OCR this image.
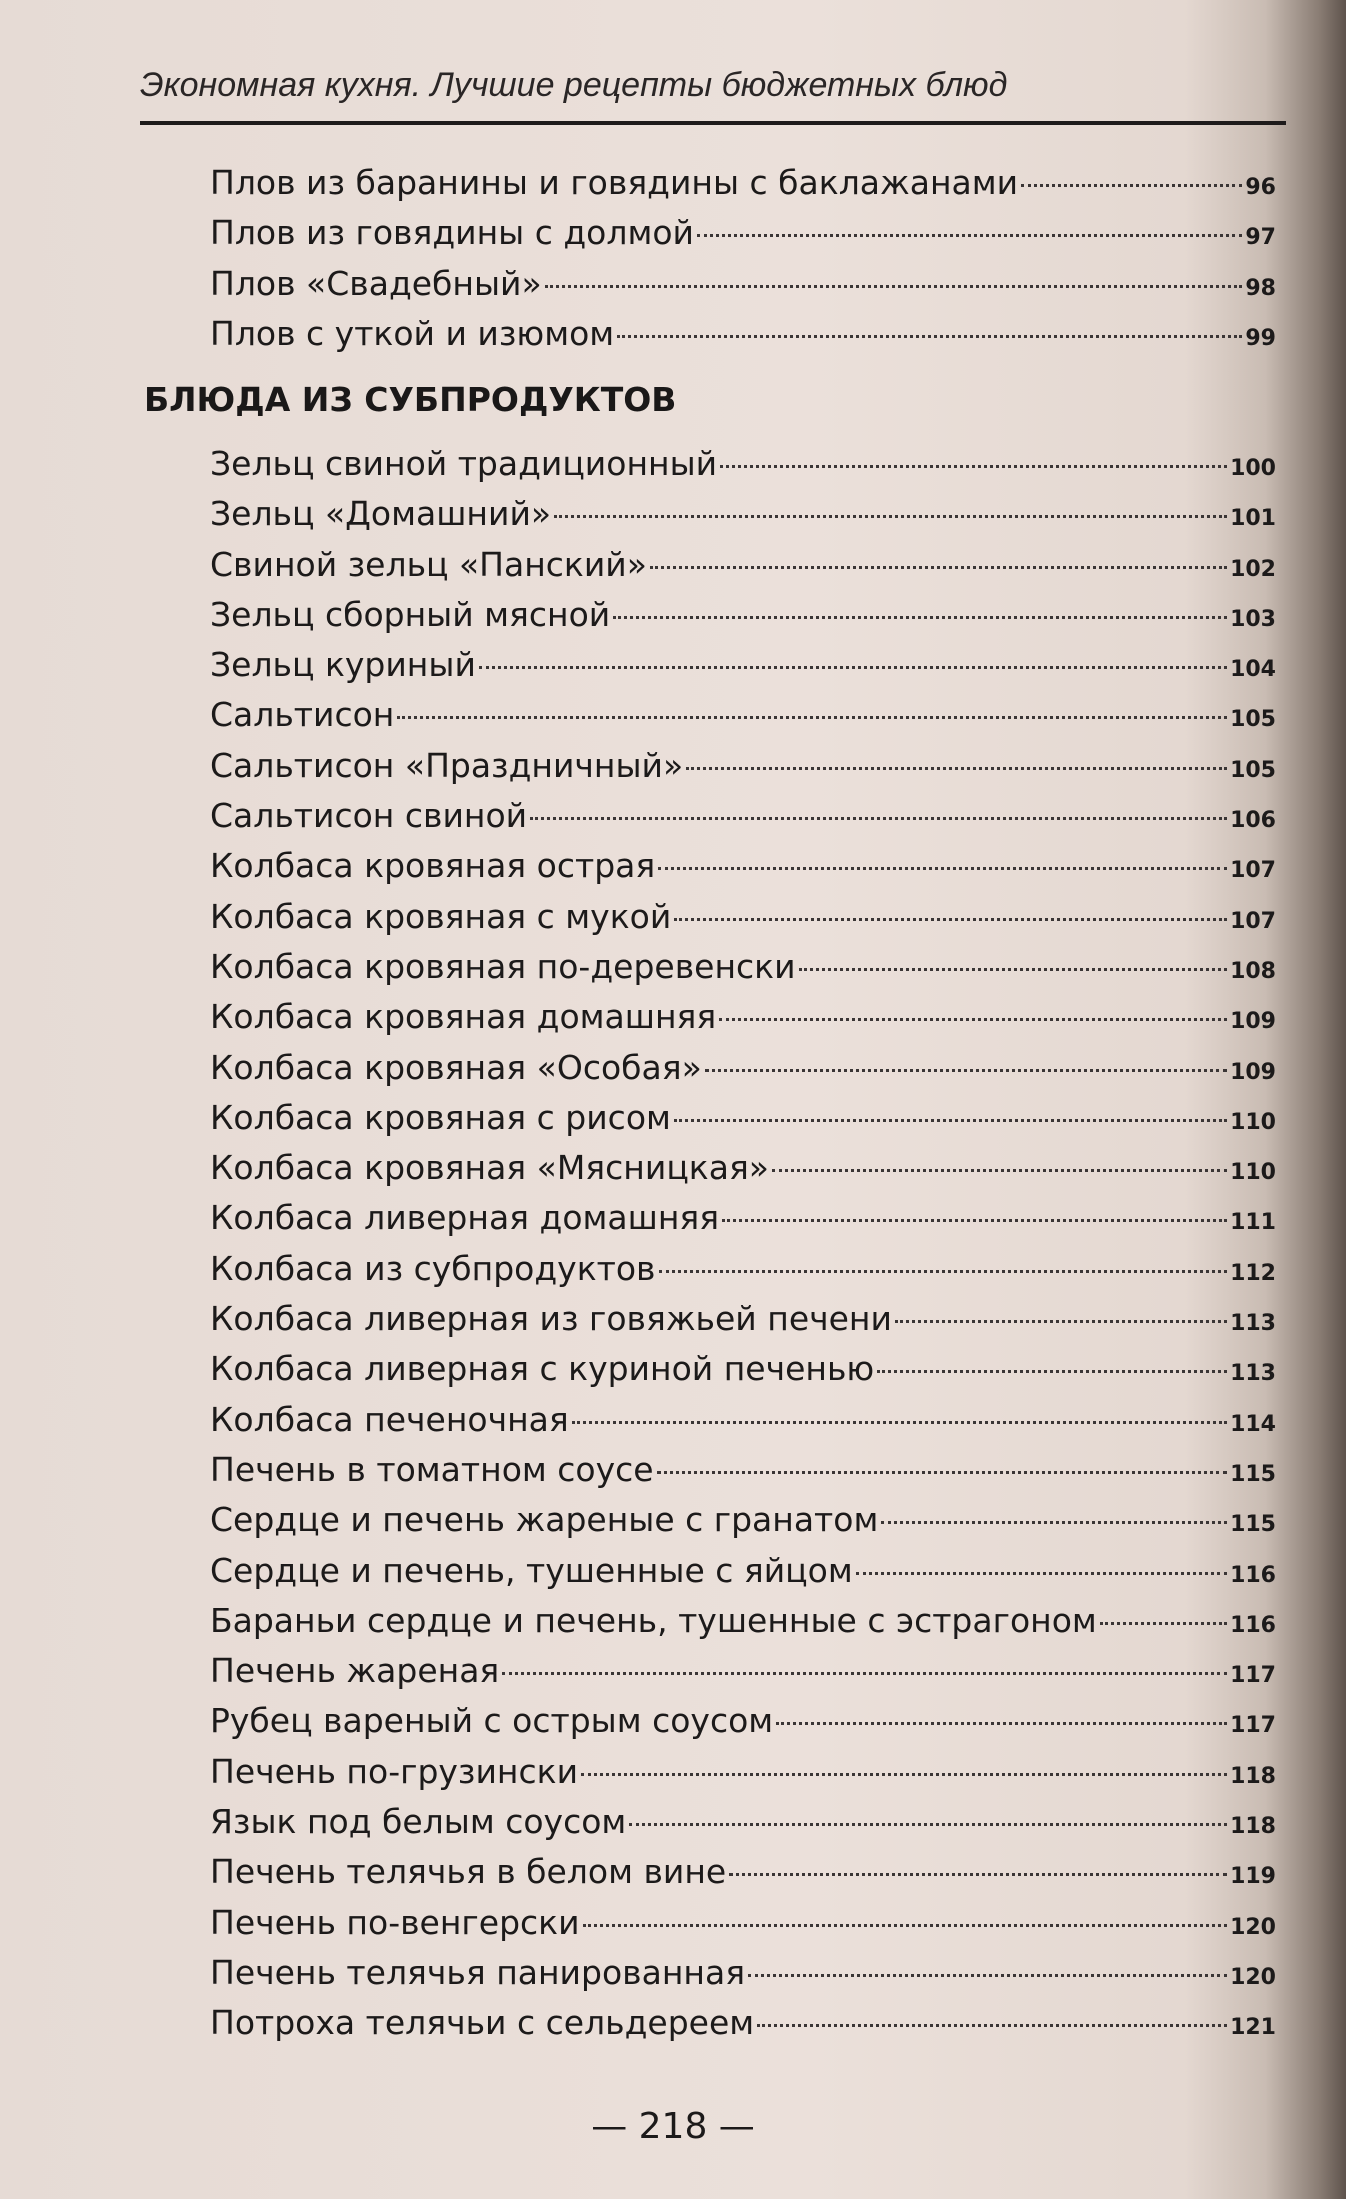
Экономная кухня. Лучшие рецепты бюджетных блюд
Плов из баранины и говядины с баклажанами	96
Плов из говядины с долмой	97
Плов «Свадебный»	98
Плов с уткой и изюмом	99
БЛЮДА ИЗ СУБПРОДУКТОВ
Зельц свиной традиционный	100
Зельц «Домашний»	101
Свиной зельц «Панский»	102
Зельц сборный мясной	103
Зельц куриный	104
Сальтисон	105
Сальтисон «Праздничный»	105
Сальтисон свиной	106
Колбаса кровяная острая	107
Колбаса кровяная с мукой	107
Колбаса кровяная по-деревенски	108
Колбаса кровяная домашняя	109
Колбаса кровяная «Особая»	109
Колбаса кровяная с рисом	110
Колбаса кровяная «Мясницкая»	110
Колбаса ливерная домашняя	111
Колбаса из субпродуктов	112
Колбаса ливерная из говяжьей печени	113
Колбаса ливерная с куриной печенью	113
Колбаса печеночная	114
Печень в томатном соусе	115
Сердце и печень жареные с гранатом	115
Сердце и печень, тушенные с яйцом	116
Бараньи сердце и печень, тушенные с эстрагоном	116
Печень жареная	117
Рубец вареный с острым соусом	117
Печень по-грузински	118
Язык под белым соусом	118
Печень телячья в белом вине	119
Печень по-венгерски	120
Печень телячья панированная	120
Потроха телячьи с сельдереем	121
— 218 —
